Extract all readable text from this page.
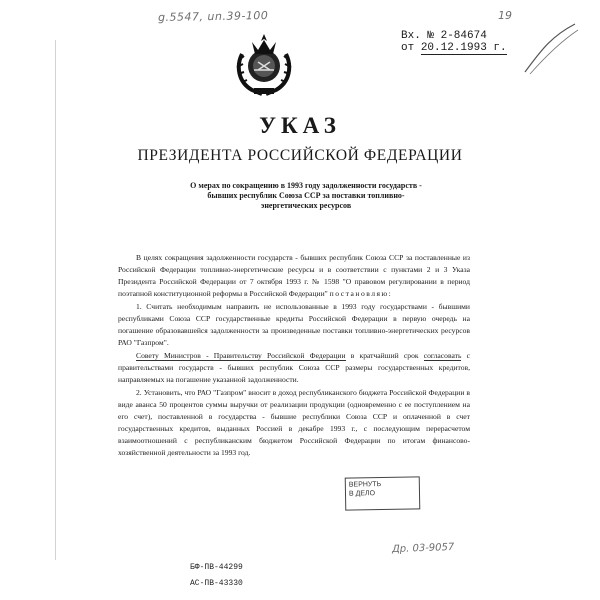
g.5547, un.39-100	19
Вх. № 2-84674
от 20.12.1993 г.
УКАЗ
ПРЕЗИДЕНТА РОССИЙСКОЙ ФЕДЕРАЦИИ
О мерах по сокращению в 1993 году задолженности государств - бывших республик Союза ССР за поставки топливно-энергетических ресурсов

В целях сокращения задолженности государств - бывших республик Союза ССР за поставленные из Российской Федерации топливно-энергетические ресурсы и в соответствии с пунктами 2 и 3 Указа Президента Российской Федерации от 7 октября 1993 г. № 1598 "О правовом регулировании в период поэтапной конституционной реформы в Российской Федерации" постановляю:

1. Считать необходимым направить не использованные в 1993 году государствами - бывшими республиками Союза ССР государственные кредиты Российской Федерации в первую очередь на погашение образовавшейся задолженности за произведенные поставки топливно-энергетических ресурсов РАО "Газпром".

Совету Министров - Правительству Российской Федерации в кратчайший срок согласовать с правительствами государств - бывших республик Союза ССР размеры государственных кредитов, направляемых на погашение указанной задолженности.

2. Установить, что РАО "Газпром" вносит в доход республиканского бюджета Российской Федерации в виде аванса 50 процентов суммы выручки от реализации продукции (одновременно с ее поступлением на его счет), поставленной в государства - бывшие республики Союза ССР и оплаченной в счет государственных кредитов, выданных Россией в декабре 1993 г., с последующим перерасчетом взаимоотношений с республиканским бюджетом Российской Федерации по итогам финансово-хозяйственной деятельности за 1993 год.

ВЕРНУТЬ
В ДЕЛО
Др. 03-9057
БФ-ПВ-44299
АС-ПВ-43330
